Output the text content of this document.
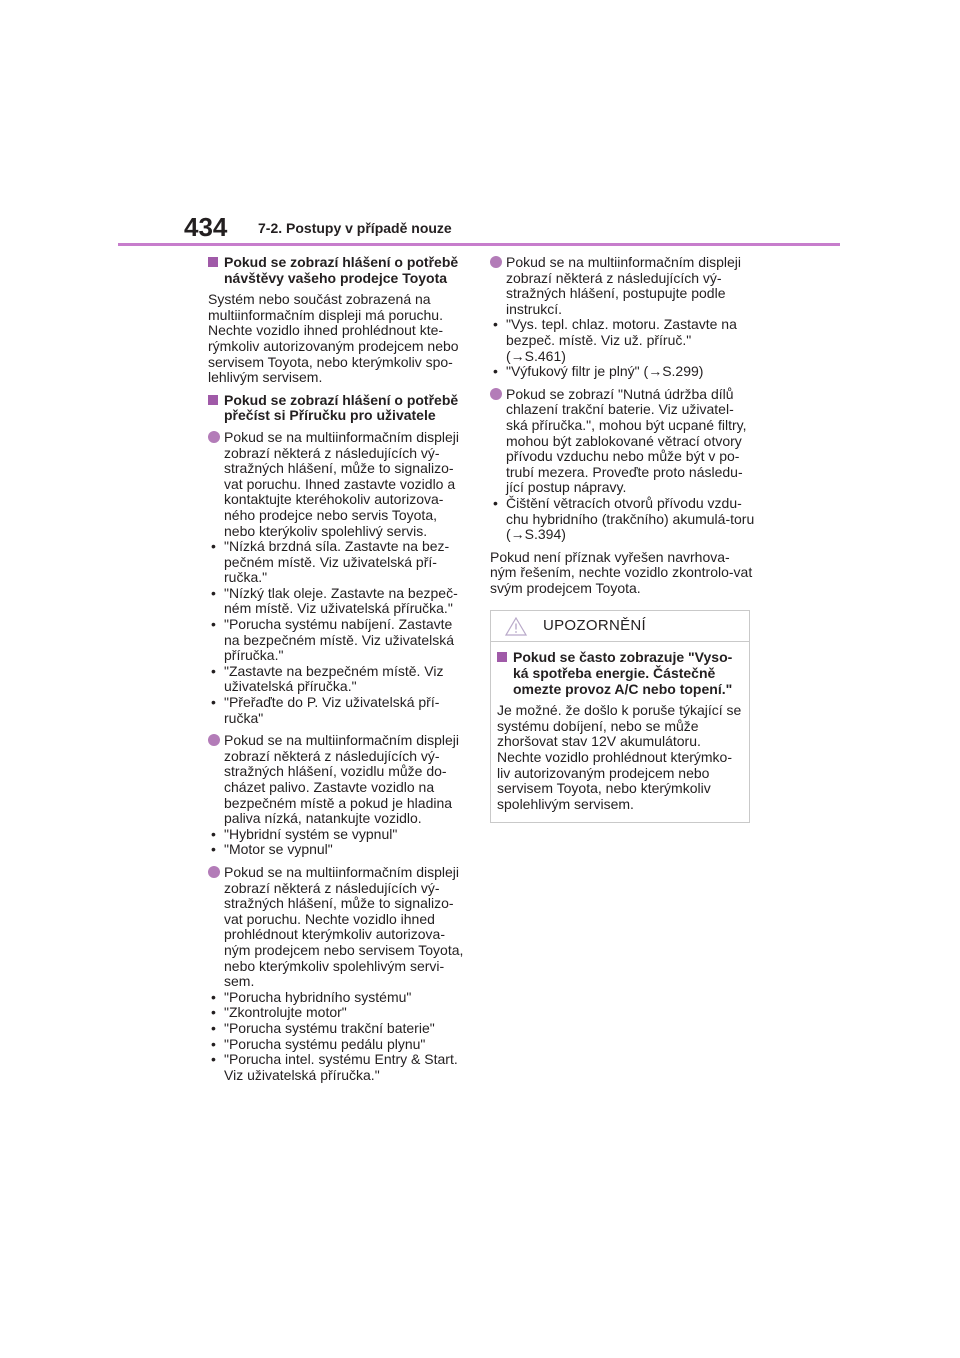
434 7-2. Postupy v případě nouze
Pokud se zobrazí hlášení o potřebě návštěvy vašeho prodejce Toyota
Systém nebo součást zobrazená na multiinformačním displeji má poruchu. Nechte vozidlo ihned prohlédnout kte-rýmkoliv autorizovaným prodejcem nebo servisem Toyota, nebo kterýmkoliv spo-lehlivým servisem.
Pokud se zobrazí hlášení o potřebě přečíst si Příručku pro uživatele
Pokud se na multiinformačním displeji zobrazí některá z následujících vý-stražných hlášení, může to signalizo-vat poruchu. Ihned zastavte vozidlo a kontaktujte kteréhokoliv autorizova-ného prodejce nebo servis Toyota, nebo kterýkoliv spolehlivý servis.
• "Nízká brzdná síla. Zastavte na bez-pečném místě. Viz uživatelská pří-ručka."
• "Nízký tlak oleje. Zastavte na bezpeč-ném místě. Viz uživatelská příručka."
• "Porucha systému nabíjení. Zastavte na bezpečném místě. Viz uživatelská příručka."
• "Zastavte na bezpečném místě. Viz uživatelská příručka."
• "Přeřaďte do P. Viz uživatelská pří-ručka"
Pokud se na multiinformačním displeji zobrazí některá z následujících vý-stražných hlášení, vozidlu může do-cházet palivo. Zastavte vozidlo na bezpečném místě a pokud je hladina paliva nízká, natankujte vozidlo.
• "Hybridní systém se vypnul"
• "Motor se vypnul"
Pokud se na multiinformačním displeji zobrazí některá z následujících vý-stražných hlášení, může to signalizo-vat poruchu. Nechte vozidlo ihned prohlédnout kterýmkoliv autorizova-ným prodejcem nebo servisem Toyota, nebo kterýmkoliv spolehlivým servi-sem.
• "Porucha hybridního systému"
• "Zkontrolujte motor"
• "Porucha systému trakční baterie"
• "Porucha systému pedálu plynu"
• "Porucha intel. systému Entry & Start. Viz uživatelská příručka."
Pokud se na multiinformačním displeji zobrazí některá z následujících vý-stražných hlášení, postupujte podle instrukcí.
• "Vys. tepl. chlaz. motoru. Zastavte na bezpeč. místě. Viz už. příruč." (→S.461)
• "Výfukový filtr je plný" (→S.299)
Pokud se zobrazí "Nutná údržba dílů chlazení trakční baterie. Viz uživatel-ská příručka.", mohou být ucpané filtry, mohou být zablokované větrací otvory přívodu vzduchu nebo může být v po-trubí mezera. Proveďte proto následu-jící postup nápravy.
• Čištění větracích otvorů přívodu vzdu-chu hybridního (trakčního) akumulá-toru (→S.394)
Pokud není příznak vyřešen navrhova-ným řešením, nechte vozidlo zkontrolo-vat svým prodejcem Toyota.
UPOZORNĚNÍ
Pokud se často zobrazuje "Vyso-ká spotřeba energie. Částečně omezte provoz A/C nebo topení."
Je možné. že došlo k poruše týkající se systému dobíjení, nebo se může zhoršovat stav 12V akumulátoru. Nechte vozidlo prohlédnout kterýmko-liv autorizovaným prodejcem nebo servisem Toyota, nebo kterýmkoliv spolehlivým servisem.
